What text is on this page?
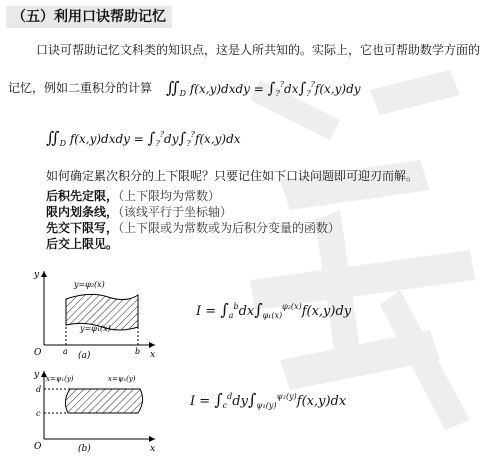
（五）利用口诀帮助记忆
口诀可帮助记忆文科类的知识点，这是人所共知的。实际上，它也可帮助数学方面的
记忆，例如二重积分的计算 $∬_D$ f(x,y)dxdy = $\int_?^?dx\int_?^?f(x,y)dy$
$∬_D$ f(x,y)dxdy = $\int_?^?dy\int_?^?f(x,y)dx$
如何确定累次积分的上下限呢？只要记住如下口诀问题即可迎刃而解。
后积先定限，（上下限均为常数）
限内划条线，（该线平行于坐标轴）
先交下限写，（上下限或为常数或为后积分变量的函数）
后交上限见。
y
x
O
y=φ₂(x)
y=φ₁(x)
a	b
(a)
$I = \int_a^bdx\int_{\varphi_1(x)}^{\varphi_2(x)}f(x,y)dy$
y
x
O
x=ψ₁(y)	x=ψ₂(y)
d
c
(b)
$I = \int_c^ddy\int_{\psi_1(y)}^{\psi_2(y)}f(x,y)dx$
